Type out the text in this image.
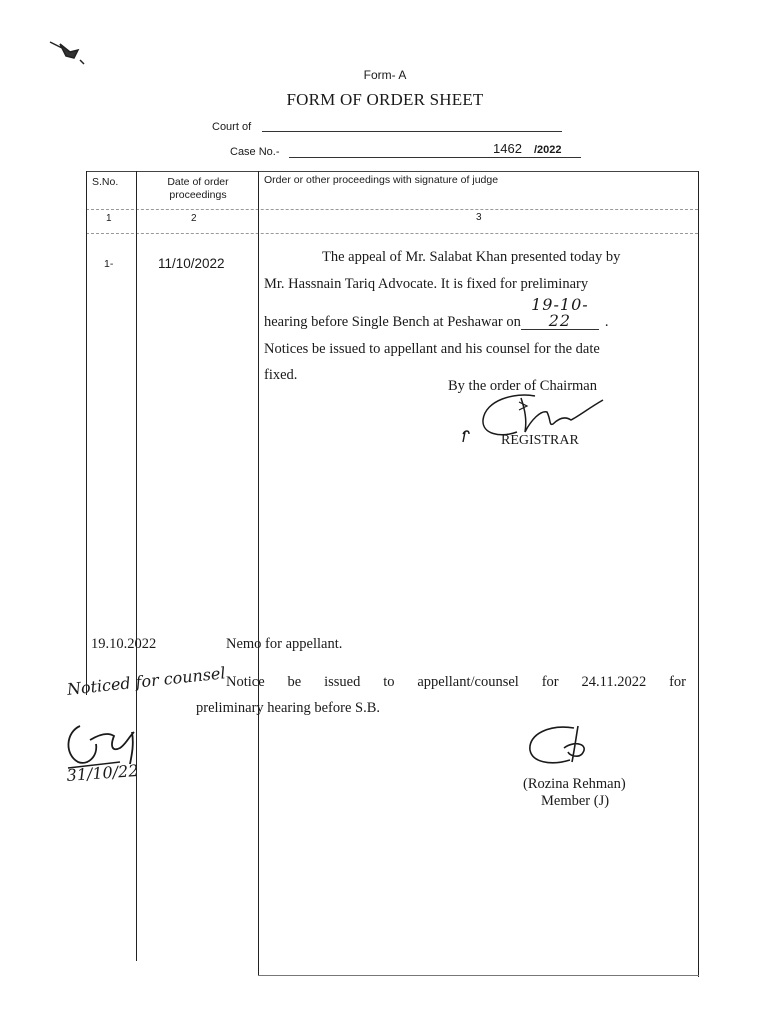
Form- A
FORM OF ORDER SHEET
Court of
Case No.-	1462 /2022
S.No.	Date of order
proceedings
Order or other proceedings with signature of judge
1	2	3
1-	11/10/2022	The appeal of Mr. Salabat Khan presented today by

Mr. Hassnain Tariq Advocate. It is fixed for preliminary

hearing before Single Bench at Peshawar on19-10-22 .

Notices be issued to appellant and his counsel for the date

fixed.

By the order of Chairman
REGISTRAR
19.10.2022	Nemo for appellant.
Notice be issued to appellant/counsel for 24.11.2022 for
preliminary hearing before S.B.
Noticed for counsel
31/10/22	(Rozina Rehman)
Member (J)
